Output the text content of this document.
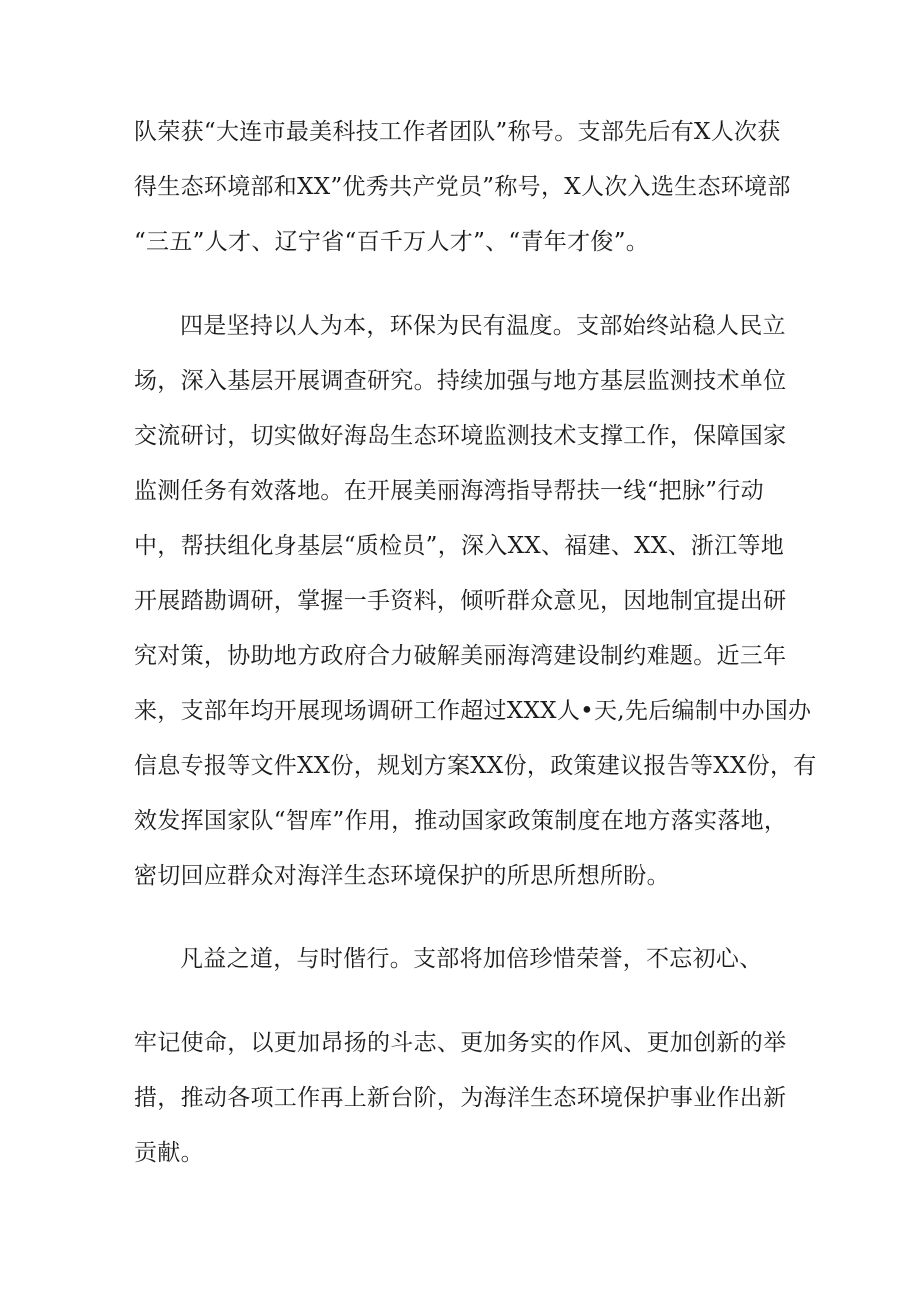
队荣获“大连市最美科技工作者团队”称号。支部先后有X人次获

得生态环境部和XX”优秀共产党员”称号，X人次入选生态环境部

“三五”人才、辽宁省“百千万人才”、“青年才俊”。

四是坚持以人为本，环保为民有温度。支部始终站稳人民立

场，深入基层开展调查研究。持续加强与地方基层监测技术单位

交流研讨，切实做好海岛生态环境监测技术支撑工作，保障国家

监测任务有效落地。在开展美丽海湾指导帮扶一线“把脉”行动

中，帮扶组化身基层“质检员”，深入XX、福建、XX、浙江等地

开展踏勘调研，掌握一手资料，倾听群众意见，因地制宜提出研

究对策，协助地方政府合力破解美丽海湾建设制约难题。近三年

来，支部年均开展现场调研工作超过XXX人•天,先后编制中办国办

信息专报等文件XX份，规划方案XX份，政策建议报告等XX份，有

效发挥国家队“智库”作用，推动国家政策制度在地方落实落地，

密切回应群众对海洋生态环境保护的所思所想所盼。

凡益之道，与时偕行。支部将加倍珍惜荣誉，不忘初心、

牢记使命，以更加昂扬的斗志、更加务实的作风、更加创新的举

措，推动各项工作再上新台阶，为海洋生态环境保护事业作出新

贡献。
